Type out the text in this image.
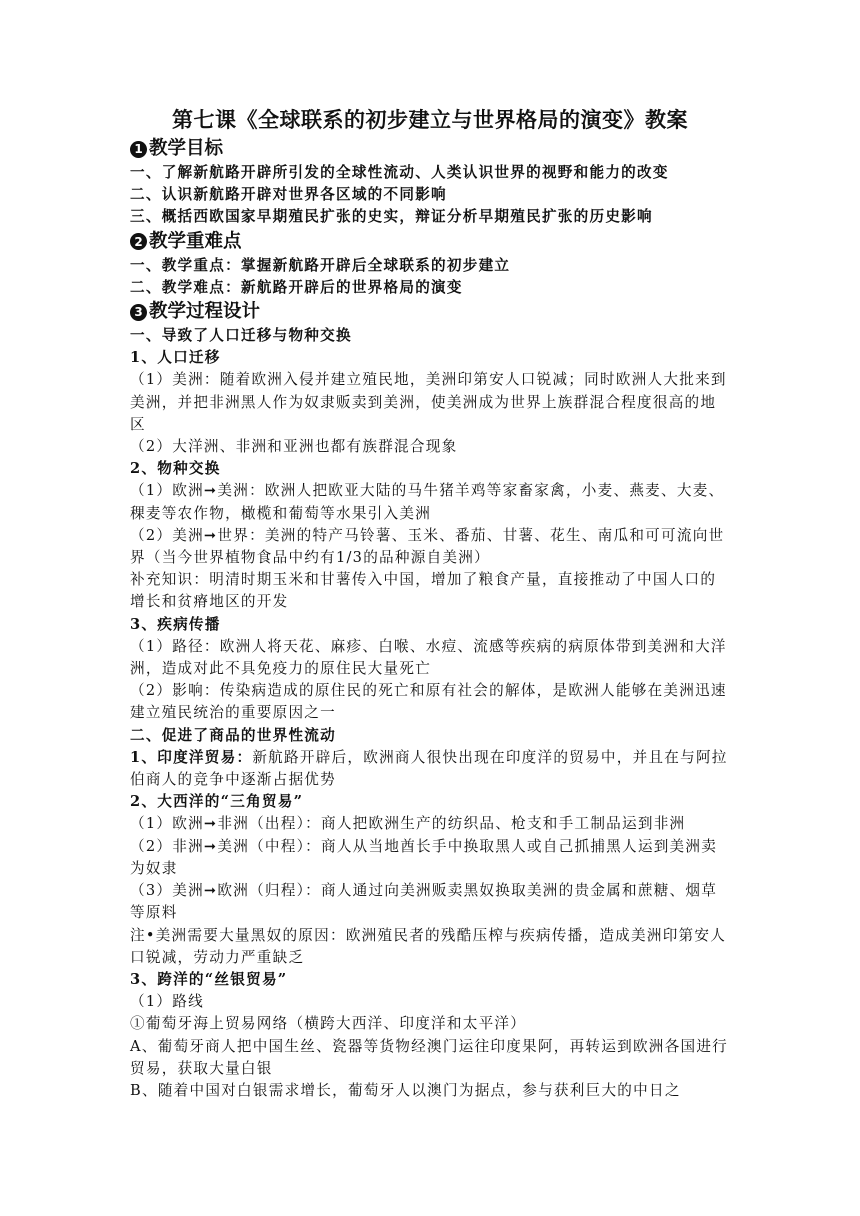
第七课《全球联系的初步建立与世界格局的演变》教案
1 教学目标
一、了解新航路开辟所引发的全球性流动、人类认识世界的视野和能力的改变
二、认识新航路开辟对世界各区域的不同影响
三、概括西欧国家早期殖民扩张的史实，辩证分析早期殖民扩张的历史影响
2 教学重难点
一、教学重点：掌握新航路开辟后全球联系的初步建立
二、教学难点：新航路开辟后的世界格局的演变
3 教学过程设计
一、导致了人口迁移与物种交换
1、人口迁移
（1）美洲：随着欧洲入侵并建立殖民地，美洲印第安人口锐减；同时欧洲人大批来到美洲，并把非洲黑人作为奴隶贩卖到美洲，使美洲成为世界上族群混合程度很高的地区
（2）大洋洲、非洲和亚洲也都有族群混合现象
2、物种交换
（1）欧洲➞美洲：欧洲人把欧亚大陆的马牛猪羊鸡等家畜家禽，小麦、燕麦、大麦、稞麦等农作物，橄榄和葡萄等水果引入美洲
（2）美洲➞世界：美洲的特产马铃薯、玉米、番茄、甘薯、花生、南瓜和可可流向世界（当今世界植物食品中约有1/3的品种源自美洲）
补充知识：明清时期玉米和甘薯传入中国，增加了粮食产量，直接推动了中国人口的增长和贫瘠地区的开发
3、疾病传播
（1）路径：欧洲人将天花、麻疹、白喉、水痘、流感等疾病的病原体带到美洲和大洋洲，造成对此不具免疫力的原住民大量死亡
（2）影响：传染病造成的原住民的死亡和原有社会的解体，是欧洲人能够在美洲迅速建立殖民统治的重要原因之一
二、促进了商品的世界性流动
1、印度洋贸易：新航路开辟后，欧洲商人很快出现在印度洋的贸易中，并且在与阿拉伯商人的竞争中逐渐占据优势
2、大西洋的“三角贸易”
（1）欧洲➞非洲（出程）：商人把欧洲生产的纺织品、枪支和手工制品运到非洲
（2）非洲➞美洲（中程）：商人从当地酋长手中换取黑人或自己抓捕黑人运到美洲卖为奴隶
（3）美洲➞欧洲（归程）：商人通过向美洲贩卖黑奴换取美洲的贵金属和蔗糖、烟草等原料
注•美洲需要大量黑奴的原因：欧洲殖民者的残酷压榨与疾病传播，造成美洲印第安人口锐减，劳动力严重缺乏
3、跨洋的“丝银贸易”
（1）路线
①葡萄牙海上贸易网络（横跨大西洋、印度洋和太平洋）
A、葡萄牙商人把中国生丝、瓷器等货物经澳门运往印度果阿，再转运到欧洲各国进行贸易，获取大量白银
B、随着中国对白银需求增长，葡萄牙人以澳门为据点，参与获利巨大的中日之
